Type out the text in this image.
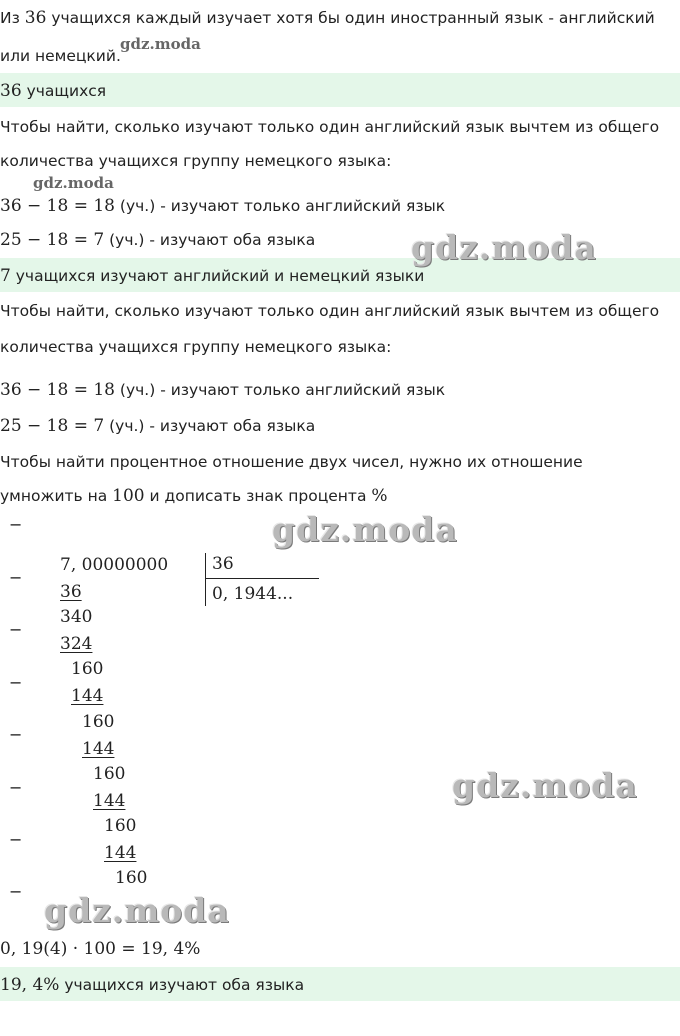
Из 36 учащихся каждый изучает хотя бы один иностранный язык - английский
или немецкий.
gdz.moda
36 учащихся
Чтобы найти, сколько изучают только один английский язык вычтем из общего
количества учащихся группу немецкого языка:
gdz.moda
36 − 18 = 18 (уч.) - изучают только английский язык
25 − 18 = 7 (уч.) - изучают оба языка
7 учащихся изучают английский и немецкий языки
gdz.moda
Чтобы найти, сколько изучают только один английский язык вычтем из общего
количества учащихся группу немецкого языка:
36 − 18 = 18 (уч.) - изучают только английский язык
25 − 18 = 7 (уч.) - изучают оба языка
Чтобы найти процентное отношение двух чисел, нужно их отношение
умножить на 100 и дописать знак процента %
gdz.moda
−
−
−
−
−
−
−
−
7, 00000000	36
0, 1944...
36
340
324
160
144
160
144
160
144
160
144
160
gdz.moda
gdz.moda
0, 19(4) · 100 = 19, 4%
19, 4% учащихся изучают оба языка
